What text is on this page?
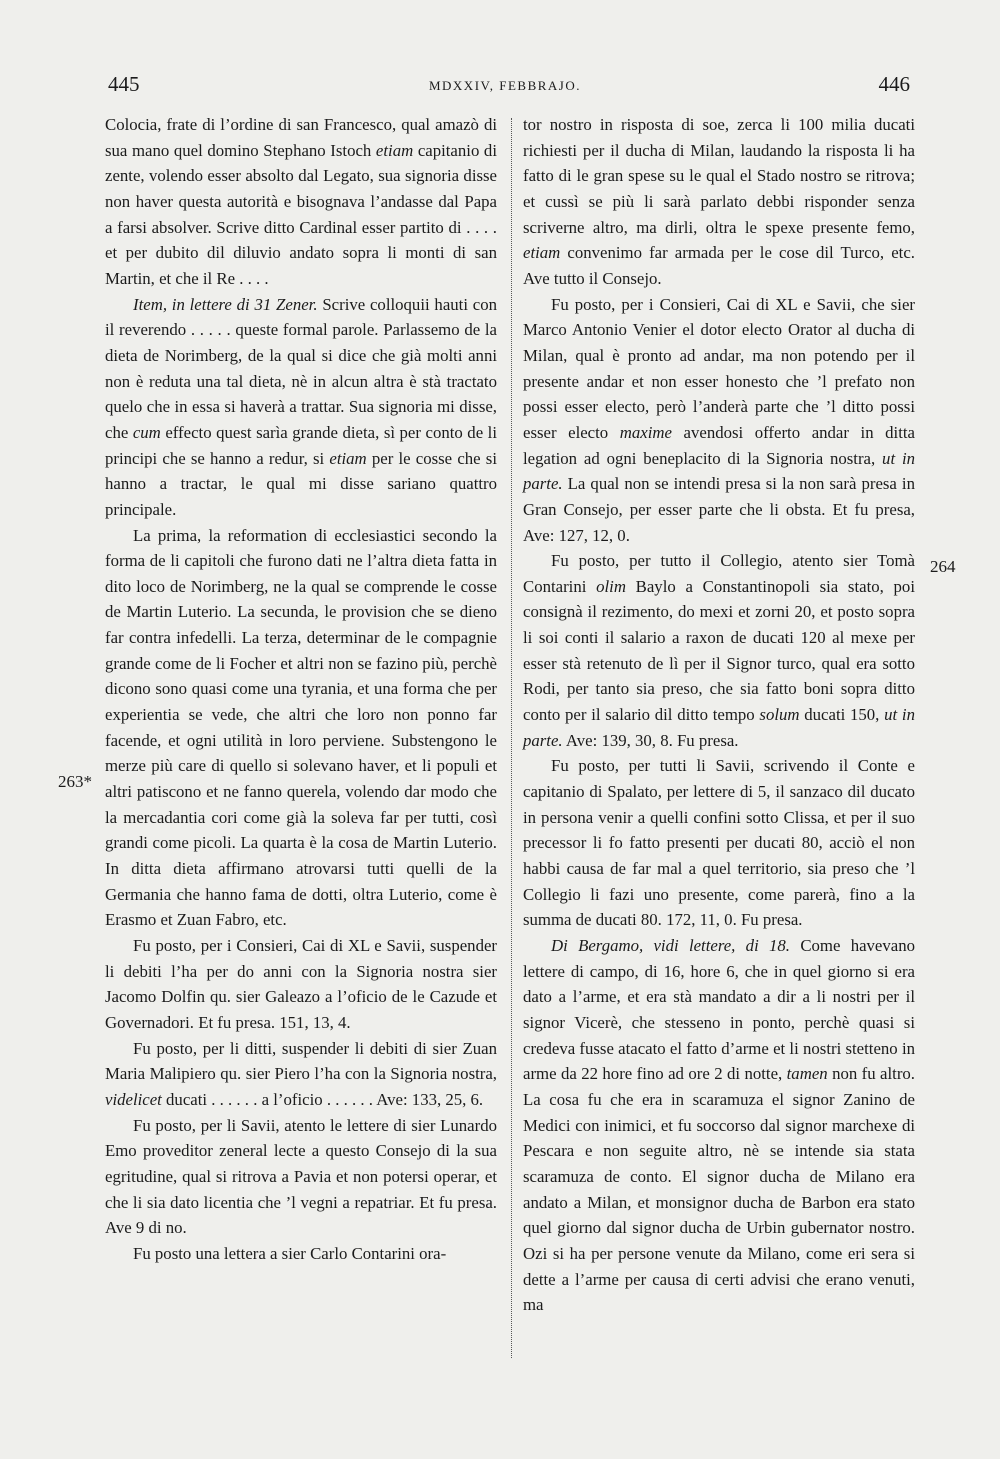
445	MDXXIV, FEBBRAJO.	446
263*
264

Colocia, frate di l’ordine di san Francesco, qual amazò di sua mano quel domino Stephano Istoch etiam capitanio di zente, volendo esser absolto dal Legato, sua signoria disse non haver questa autorità e bisognava l’andasse dal Papa a farsi absolver. Scrive ditto Cardinal esser partito di . . . . et per dubito dil diluvio andato sopra li monti di san Martin, et che il Re . . . .

Item, in lettere di 31 Zener. Scrive colloquii hauti con il reverendo . . . . . queste formal parole. Parlassemo de la dieta de Norimberg, de la qual si dice che già molti anni non è reduta una tal dieta, nè in alcun altra è stà tractato quelo che in essa si haverà a trattar. Sua signoria mi disse, che cum effecto quest sarìa grande dieta, sì per conto de li principi che se hanno a redur, si etiam per le cosse che si hanno a tractar, le qual mi disse sariano quattro principale.

La prima, la reformation di ecclesiastici secondo la forma de li capitoli che furono dati ne l’altra dieta fatta in dito loco de Norimberg, ne la qual se comprende le cosse de Martin Luterio. La secunda, le provision che se dieno far contra infedelli. La terza, determinar de le compagnie grande come de li Focher et altri non se fazino più, perchè dicono sono quasi come una tyrania, et una forma che per experientia se vede, che altri che loro non ponno far facende, et ogni utilità in loro perviene. Substengono le merze più care di quello si solevano haver, et li populi et altri patiscono et ne fanno querela, volendo dar modo che la mercadantia cori come già la soleva far per tutti, così grandi come picoli. La quarta è la cosa de Martin Luterio. In ditta dieta affirmano atrovarsi tutti quelli de la Germania che hanno fama de dotti, oltra Luterio, come è Erasmo et Zuan Fabro, etc.

Fu posto, per i Consieri, Cai di XL e Savii, suspender li debiti l’ha per do anni con la Signoria nostra sier Jacomo Dolfin qu. sier Galeazo a l’oficio de le Cazude et Governadori. Et fu presa. 151, 13, 4.

Fu posto, per li ditti, suspender li debiti di sier Zuan Maria Malipiero qu. sier Piero l’ha con la Signoria nostra, videlicet ducati . . . . . . a l’oficio . . . . . . Ave: 133, 25, 6.

Fu posto, per li Savii, atento le lettere di sier Lunardo Emo proveditor zeneral lecte a questo Consejo di la sua egritudine, qual si ritrova a Pavia et non potersi operar, et che li sia dato licentia che ’l vegni a repatriar. Et fu presa. Ave 9 di no.

Fu posto una lettera a sier Carlo Contarini ora-

tor nostro in risposta di soe, zerca li 100 milia ducati richiesti per il ducha di Milan, laudando la risposta li ha fatto di le gran spese su le qual el Stado nostro se ritrova; et cussì se più li sarà parlato debbi risponder senza scriverne altro, ma dirli, oltra le spexe presente femo, etiam convenimo far armada per le cose dil Turco, etc. Ave tutto il Consejo.

Fu posto, per i Consieri, Cai di XL e Savii, che sier Marco Antonio Venier el dotor electo Orator al ducha di Milan, qual è pronto ad andar, ma non potendo per il presente andar et non esser honesto che ’l prefato non possi esser electo, però l’anderà parte che ’l ditto possi esser electo maxime avendosi offerto andar in ditta legation ad ogni beneplacito di la Signoria nostra, ut in parte. La qual non se intendi presa si la non sarà presa in Gran Consejo, per esser parte che li obsta. Et fu presa, Ave: 127, 12, 0.

Fu posto, per tutto il Collegio, atento sier Tomà Contarini olim Baylo a Constantinopoli sia stato, poi consignà il rezimento, do mexi et zorni 20, et posto sopra li soi conti il salario a raxon de ducati 120 al mexe per esser stà retenuto de lì per il Signor turco, qual era sotto Rodi, per tanto sia preso, che sia fatto boni sopra ditto conto per il salario dil ditto tempo solum ducati 150, ut in parte. Ave: 139, 30, 8. Fu presa.

Fu posto, per tutti li Savii, scrivendo il Conte e capitanio di Spalato, per lettere di 5, il sanzaco dil ducato in persona venir a quelli confini sotto Clissa, et per il suo precessor li fo fatto presenti per ducati 80, acciò el non habbi causa de far mal a quel territorio, sia preso che ’l Collegio li fazi uno presente, come parerà, fino a la summa de ducati 80. 172, 11, 0. Fu presa.

Di Bergamo, vidi lettere, di 18. Come havevano lettere di campo, di 16, hore 6, che in quel giorno si era dato a l’arme, et era stà mandato a dir a li nostri per il signor Vicerè, che stesseno in ponto, perchè quasi si credeva fusse atacato el fatto d’arme et li nostri stetteno in arme da 22 hore fino ad ore 2 di notte, tamen non fu altro. La cosa fu che era in scaramuza el signor Zanino de Medici con inimici, et fu soccorso dal signor marchexe di Pescara e non seguite altro, nè se intende sia stata scaramuza de conto. El signor ducha de Milano era andato a Milan, et monsignor ducha de Barbon era stato quel giorno dal signor ducha de Urbin gubernator nostro. Ozi si ha per persone venute da Milano, come eri sera si dette a l’arme per causa di certi advisi che erano venuti, ma
